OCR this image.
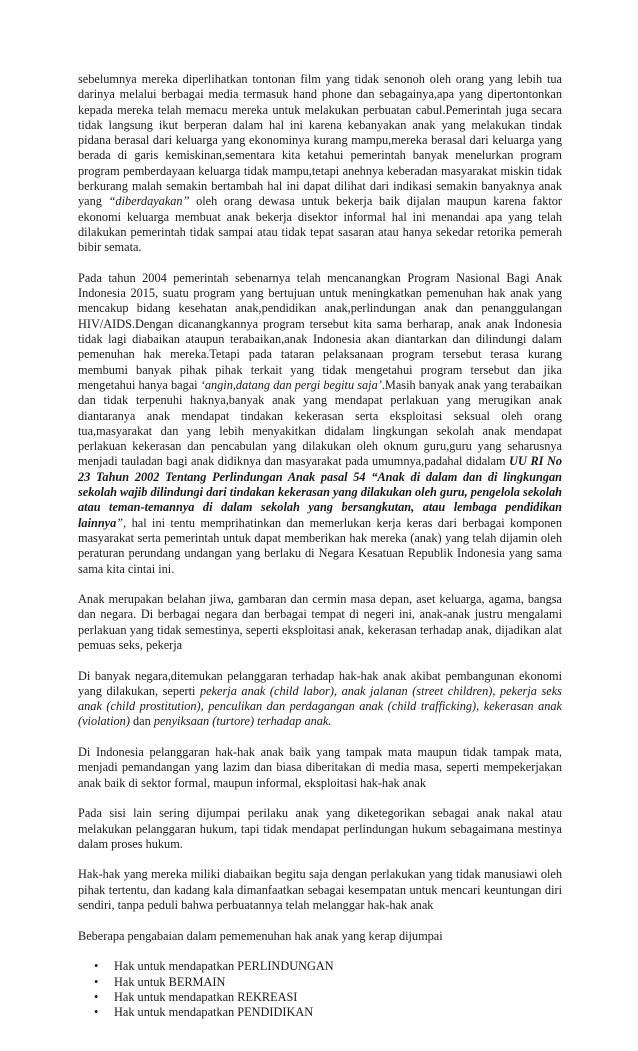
sebelumnya mereka diperlihatkan tontonan film yang tidak senonoh oleh orang yang lebih tua darinya melalui berbagai media termasuk hand phone dan sebagainya,apa yang dipertontonkan kepada mereka telah memacu mereka untuk melakukan perbuatan cabul.Pemerintah juga secara tidak langsung ikut berperan dalam hal ini karena kebanyakan anak yang melakukan tindak pidana berasal dari keluarga yang ekonominya kurang mampu,mereka berasal dari keluarga yang berada di garis kemiskinan,sementara kita ketahui pemerintah banyak menelurkan program program pemberdayaan keluarga tidak mampu,tetapi anehnya keberadan masyarakat miskin tidak berkurang malah semakin bertambah hal ini dapat dilihat dari indikasi semakin banyaknya anak yang “diberdayakan” oleh orang dewasa untuk bekerja baik dijalan maupun karena faktor ekonomi keluarga membuat anak bekerja disektor informal hal ini menandai apa yang telah dilakukan pemerintah tidak sampai atau tidak tepat sasaran atau hanya sekedar retorika pemerah bibir semata.

Pada tahun 2004 pemerintah sebenarnya telah mencanangkan Program Nasional Bagi Anak Indonesia 2015, suatu program yang bertujuan untuk meningkatkan pemenuhan hak anak yang mencakup bidang kesehatan anak,pendidikan anak,perlindungan anak dan penanggulangan HIV/AIDS.Dengan dicanangkannya program tersebut kita sama berharap, anak anak Indonesia tidak lagi diabaikan ataupun terabaikan,anak Indonesia akan diantarkan dan dilindungi dalam pemenuhan hak mereka.Tetapi pada tataran pelaksanaan program tersebut terasa kurang membumi banyak pihak pihak terkait yang tidak mengetahui program tersebut dan jika mengetahui hanya bagai ‘angin,datang dan pergi begitu saja’.Masih banyak anak yang terabaikan dan tidak terpenuhi haknya,banyak anak yang mendapat perlakuan yang merugikan anak diantaranya anak mendapat tindakan kekerasan serta eksploitasi seksual oleh orang tua,masyarakat dan yang lebih menyakitkan didalam lingkungan sekolah anak mendapat perlakuan kekerasan dan pencabulan yang dilakukan oleh oknum guru,guru yang seharusnya menjadi tauladan bagi anak didiknya dan masyarakat pada umumnya,padahal didalam UU RI No 23 Tahun 2002 Tentang Perlindungan Anak pasal 54 “Anak di dalam dan di lingkungan sekolah wajib dilindungi dari tindakan kekerasan yang dilakukan oleh guru, pengelola sekolah atau teman-temannya di dalam sekolah yang bersangkutan, atau lembaga pendidikan lainnya”, hal ini tentu memprihatinkan dan memerlukan kerja keras dari berbagai komponen masyarakat serta pemerintah untuk dapat memberikan hak mereka (anak) yang telah dijamin oleh peraturan perundang undangan yang berlaku di Negara Kesatuan Republik Indonesia yang sama sama kita cintai ini.

Anak merupakan belahan jiwa, gambaran dan cermin masa depan, aset keluarga, agama, bangsa dan negara. Di berbagai negara dan berbagai tempat di negeri ini, anak-anak justru mengalami perlakuan yang tidak semestinya, seperti eksploitasi anak, kekerasan terhadap anak, dijadikan alat pemuas seks, pekerja

Di banyak negara,ditemukan pelanggaran terhadap hak-hak anak akibat pembangunan ekonomi yang dilakukan, seperti pekerja anak (child labor), anak jalanan (street children), pekerja seks anak (child prostitution), penculikan dan perdagangan anak (child trafficking), kekerasan anak (violation) dan penyiksaan (turtore) terhadap anak.

Di Indonesia pelanggaran hak-hak anak baik yang tampak mata maupun tidak tampak mata, menjadi pemandangan yang lazim dan biasa diberitakan di media masa, seperti mempekerjakan anak baik di sektor formal, maupun informal, eksploitasi hak-hak anak

Pada sisi lain sering dijumpai perilaku anak yang diketegorikan sebagai anak nakal atau melakukan pelanggaran hukum, tapi tidak mendapat perlindungan hukum sebagaimana mestinya dalam proses hukum.

Hak-hak yang mereka miliki diabaikan begitu saja dengan perlakukan yang tidak manusiawi oleh pihak tertentu, dan kadang kala dimanfaatkan sebagai kesempatan untuk mencari keuntungan diri sendiri, tanpa peduli bahwa perbuatannya telah melanggar hak-hak anak

Beberapa pengabaian dalam pememenuhan hak anak yang kerap dijumpai

• Hak untuk mendapatkan PERLINDUNGAN
• Hak untuk BERMAIN
• Hak untuk mendapatkan REKREASI
• Hak untuk mendapatkan PENDIDIKAN
